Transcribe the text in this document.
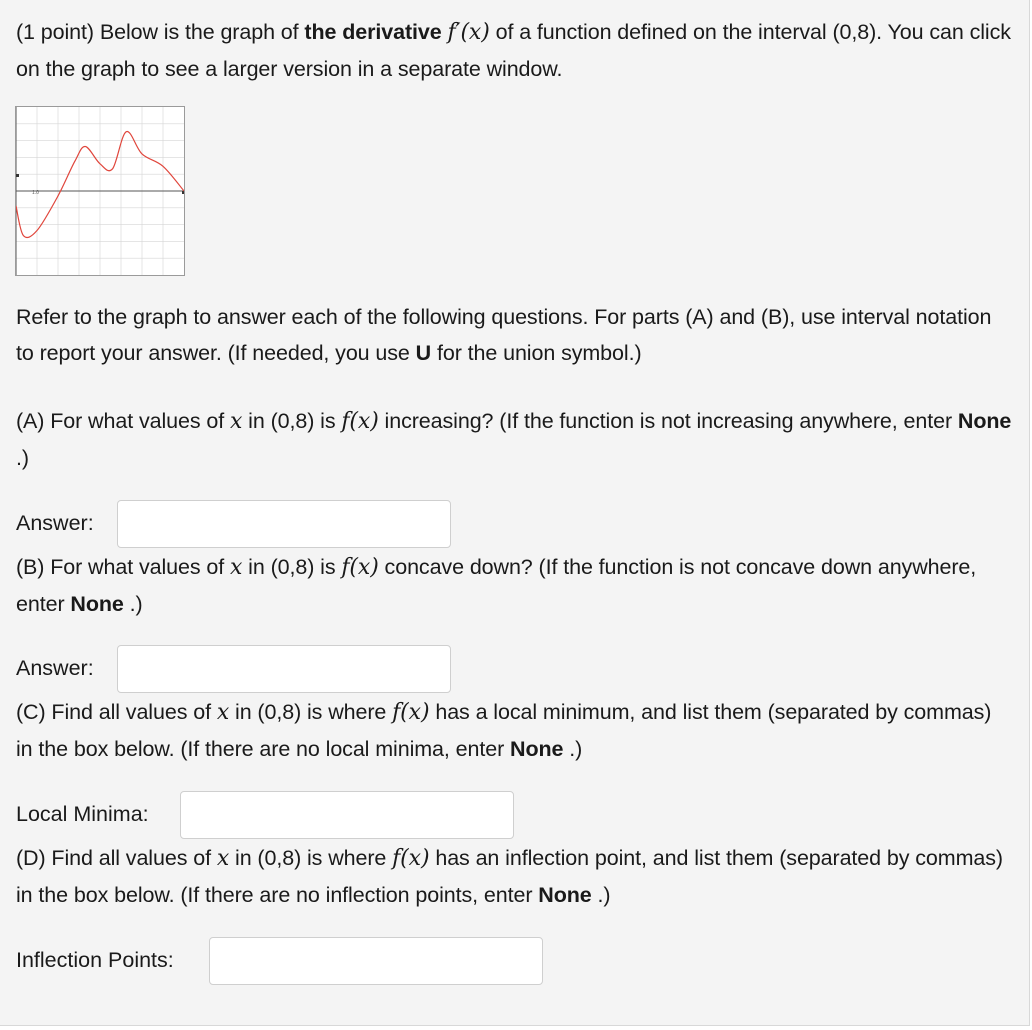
(1 point) Below is the graph of the derivative f′(x) of a function defined on the interval (0,8). You can click on the graph to see a larger version in a separate window.
1.0
Refer to the graph to answer each of the following questions. For parts (A) and (B), use interval notation to report your answer. (If needed, you use U for the union symbol.)
(A) For what values of x in (0,8) is f(x) increasing? (If the function is not increasing anywhere, enter None .)
Answer:
(B) For what values of x in (0,8) is f(x) concave down? (If the function is not concave down anywhere, enter None .)
Answer:
(C) Find all values of x in (0,8) is where f(x) has a local minimum, and list them (separated by commas) in the box below. (If there are no local minima, enter None .)
Local Minima:
(D) Find all values of x in (0,8) is where f(x) has an inflection point, and list them (separated by commas) in the box below. (If there are no inflection points, enter None .)
Inflection Points:
